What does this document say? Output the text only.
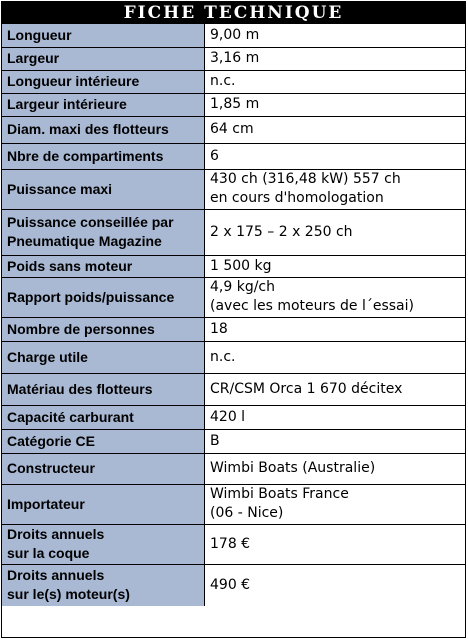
FICHE TECHNIQUE
Longueur	9,00 m
Largeur	3,16 m
Longueur intérieure	n.c.
Largeur intérieure	1,85 m
Diam. maxi des flotteurs	64 cm
Nbre de compartiments	6
Puissance maxi	430 ch (316,48 kW) 557 ch
en cours d'homologation
Puissance conseillée par
Pneumatique Magazine	2 x 175 – 2 x 250 ch
Poids sans moteur	1 500 kg
Rapport poids/puissance	4,9 kg/ch
(avec les moteurs de l´essai)
Nombre de personnes	18
Charge utile	n.c.
Matériau des flotteurs	CR/CSM Orca 1 670 décitex
Capacité carburant	420 l
Catégorie CE	B
Constructeur	Wimbi Boats (Australie)
Importateur	Wimbi Boats France
(06 - Nice)
Droits annuels
sur la coque	178 €
Droits annuels
sur le(s) moteur(s)	490 €
